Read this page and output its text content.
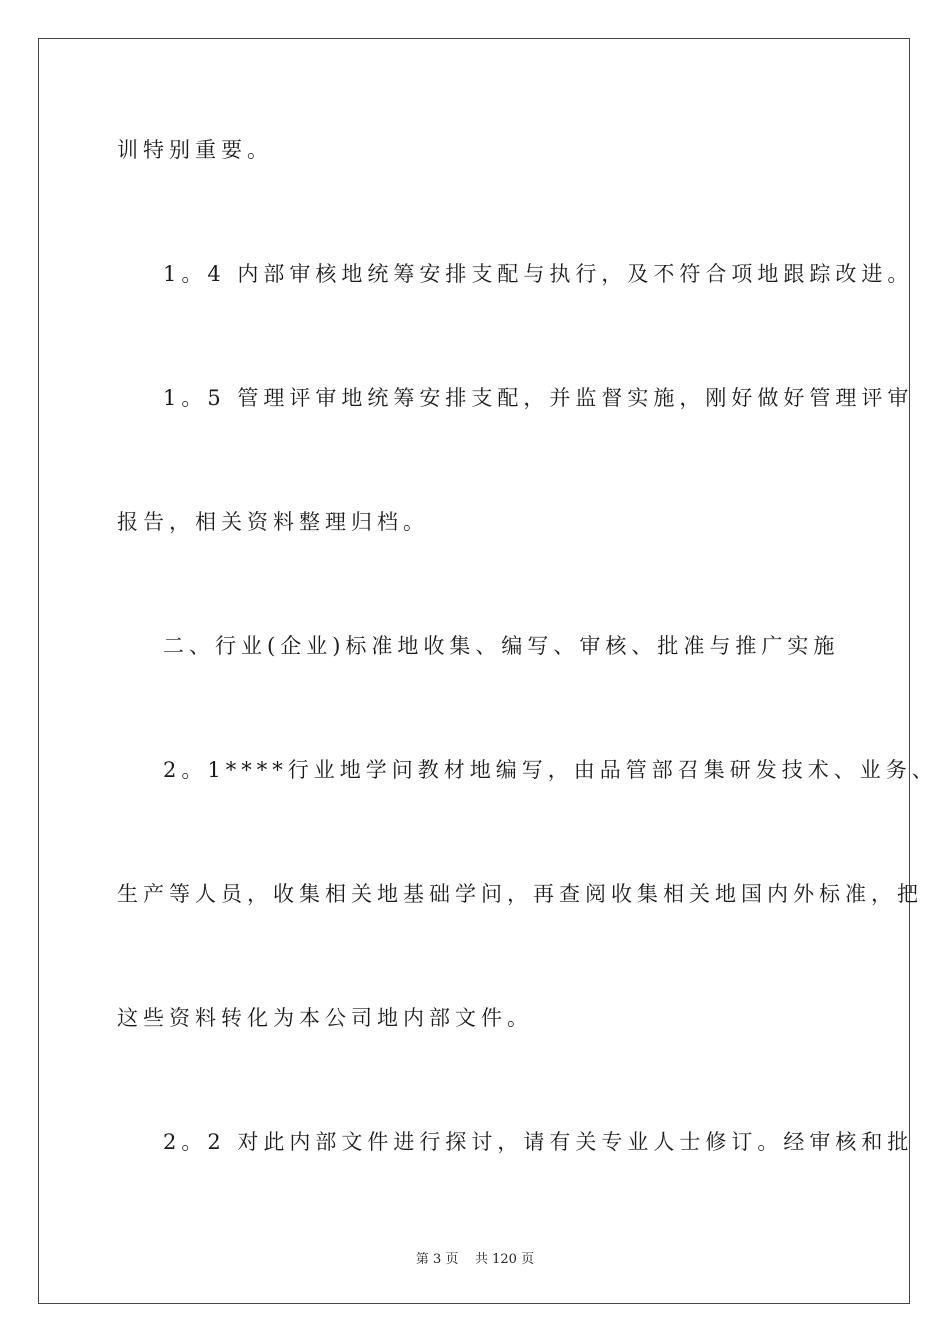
训特别重要。
1。4 内部审核地统筹安排支配与执行，及不符合项地跟踪改进。
1。5 管理评审地统筹安排支配，并监督实施，刚好做好管理评审
报告，相关资料整理归档。
二、行业(企业)标准地收集、编写、审核、批准与推广实施
2。1****行业地学问教材地编写，由品管部召集研发技术、业务、
生产等人员，收集相关地基础学问，再查阅收集相关地国内外标准，把
这些资料转化为本公司地内部文件。
2。2 对此内部文件进行探讨，请有关专业人士修订。经审核和批
第 3 页 共 120 页
